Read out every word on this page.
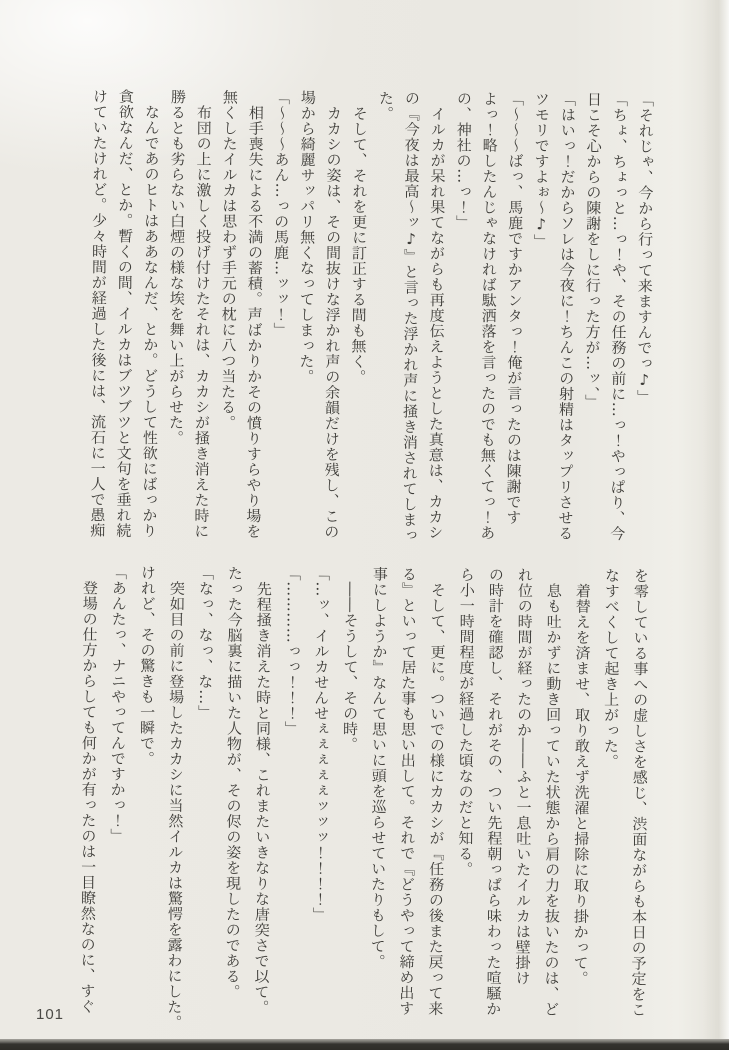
「それじゃ、今から行って来ますんでっ♪」

「ちょ、ちょっと…っ！や、その任務の前に…っ！やっぱり、今

日こそ心からの陳謝をしに行った方が…ッ、」

「はいっ！だからソレは今夜に！ちんこの射精はタップリさせる

ツモリですよぉ～♪」

「～～～ばっ、馬鹿ですかアンタっ！俺が言ったのは陳謝です

よっ！略したんじゃなければ駄洒落を言ったのでも無くてっ！あ

の、神社の…っ！」

　イルカが呆れ果てながらも再度伝えようとした真意は、カカシ

の『今夜は最高～ッ♪』と言った浮かれ声に掻き消されてしまっ

た。

　そして、それを更に訂正する間も無く。

　カカシの姿は、その間抜けな浮かれ声の余韻だけを残し、この

場から綺麗サッパリ無くなってしまった。

「～～～あん…っの馬鹿…ッッ！」

　相手喪失による不満の蓄積。声ばかりかその憤りすらやり場を

無くしたイルカは思わず手元の枕に八つ当たる。

　布団の上に激しく投げ付けたそれは、カカシが掻き消えた時に

勝るとも劣らない白煙の様な埃を舞い上がらせた。

　なんであのヒトはああなんだ、とか。どうして性欲にばっかり

貪欲なんだ、とか。暫くの間、イルカはブツブツと文句を垂れ続

けていたけれど。少々時間が経過した後には、流石に一人で愚痴

を零している事への虚しさを感じ、渋面ながらも本日の予定をこ

なすべくして起き上がった。

　着替えを済ませ、取り敢えず洗濯と掃除に取り掛かって。

　息も吐かずに動き回っていた状態から肩の力を抜いたのは、ど

れ位の時間が経ったのか――ふと一息吐いたイルカは壁掛け

の時計を確認し、それがその、つい先程朝っぱら味わった喧騒か

ら小一時間程度が経過した頃なのだと知る。

　そして、更に。ついでの様にカカシが『任務の後また戻って来

る』といって居た事も思い出して。それで『どうやって締め出す

事にしようか』なんて思いに頭を巡らせていたりもして。

　――そうして、その時。

「…ッ、イルカせんせぇぇぇぇぇッッッ！！！！」

「…………っっ！！！」

　先程掻き消えた時と同様、これまたいきなりな唐突さで以て。

たった今脳裏に描いた人物が、その侭の姿を現したのである。

「なっ、なっ、な…」

　突如目の前に登場したカカシに当然イルカは驚愕を露わにした。

けれど、その驚きも一瞬で。

「あんたっ、ナニやってんですかっ！」

　登場の仕方からしても何かが有ったのは一目瞭然なのに、すぐ

101
